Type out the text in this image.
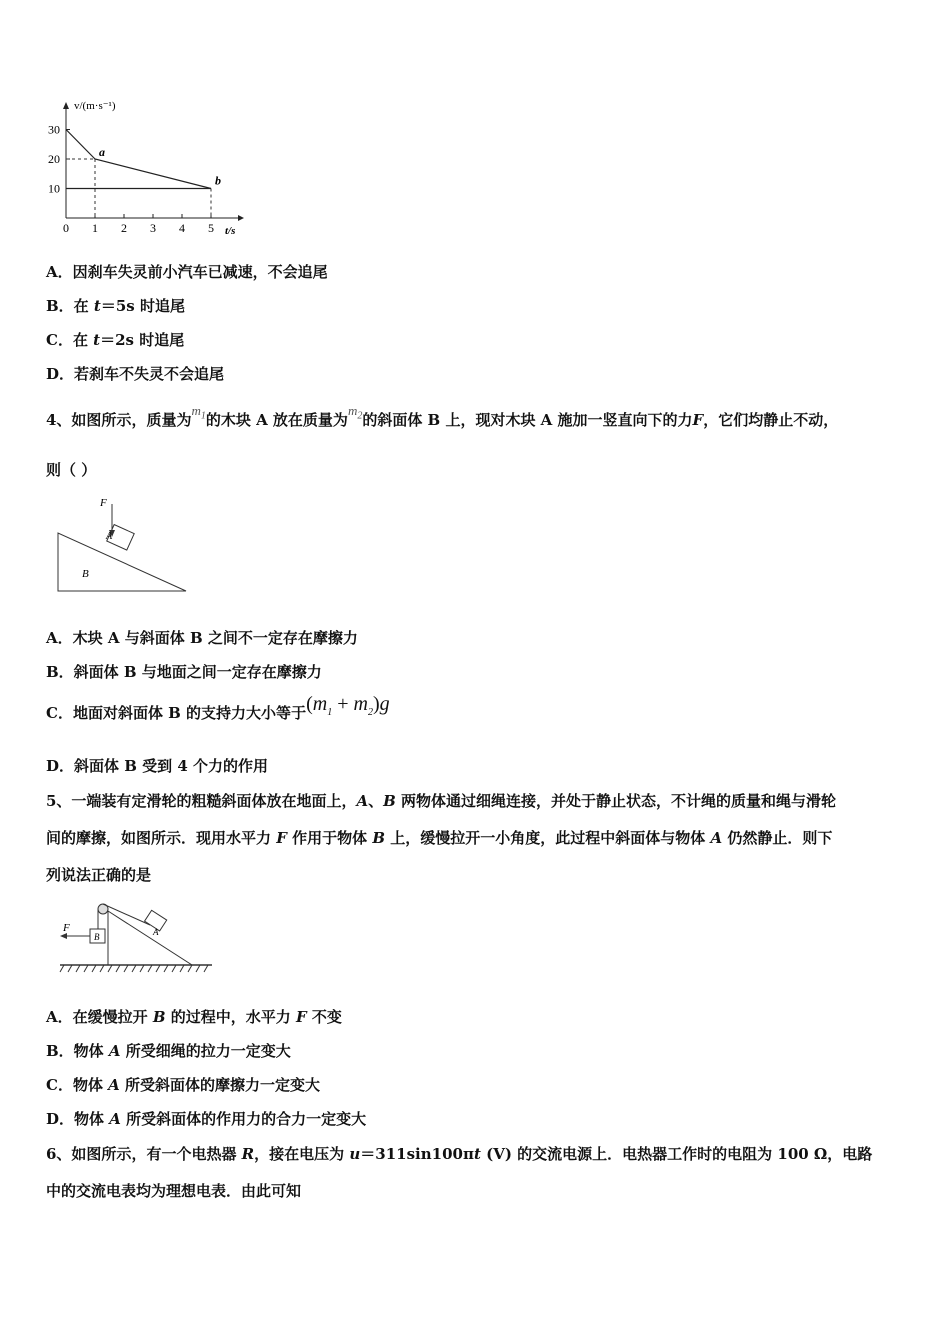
0 1 2 3 4 5
10
20
30
v/(m·s⁻¹)
t/s
a
b
A．因刹车失灵前小汽车已减速，不会追尾
B．在 t＝5s 时追尾
C．在 t＝2s 时追尾
D．若刹车不失灵不会追尾
4、如图所示，质量为$m_1$的木块 A 放在质量为$m_2$的斜面体 B 上，现对木块 A 施加一竖直向下的力F，它们均静止不动，
则（ ）
F
A
B
A．木块 A 与斜面体 B 之间不一定存在摩擦力
B．斜面体 B 与地面之间一定存在摩擦力
C．地面对斜面体 B 的支持力大小等于$(m_1 + m_2)g$
D．斜面体 B 受到 4 个力的作用
5、一端装有定滑轮的粗糙斜面体放在地面上，A、B 两物体通过细绳连接，并处于静止状态，不计绳的质量和绳与滑轮
间的摩擦，如图所示．现用水平力 F 作用于物体 B 上，缓慢拉开一小角度，此过程中斜面体与物体 A 仍然静止．则下
列说法正确的是
F
B	A
A．在缓慢拉开 B 的过程中，水平力 F 不变
B．物体 A 所受细绳的拉力一定变大
C．物体 A 所受斜面体的摩擦力一定变大
D．物体 A 所受斜面体的作用力的合力一定变大
6、如图所示，有一个电热器 R，接在电压为 u＝311sin100πt (V) 的交流电源上．电热器工作时的电阻为 100 Ω，电路
中的交流电表均为理想电表．由此可知
